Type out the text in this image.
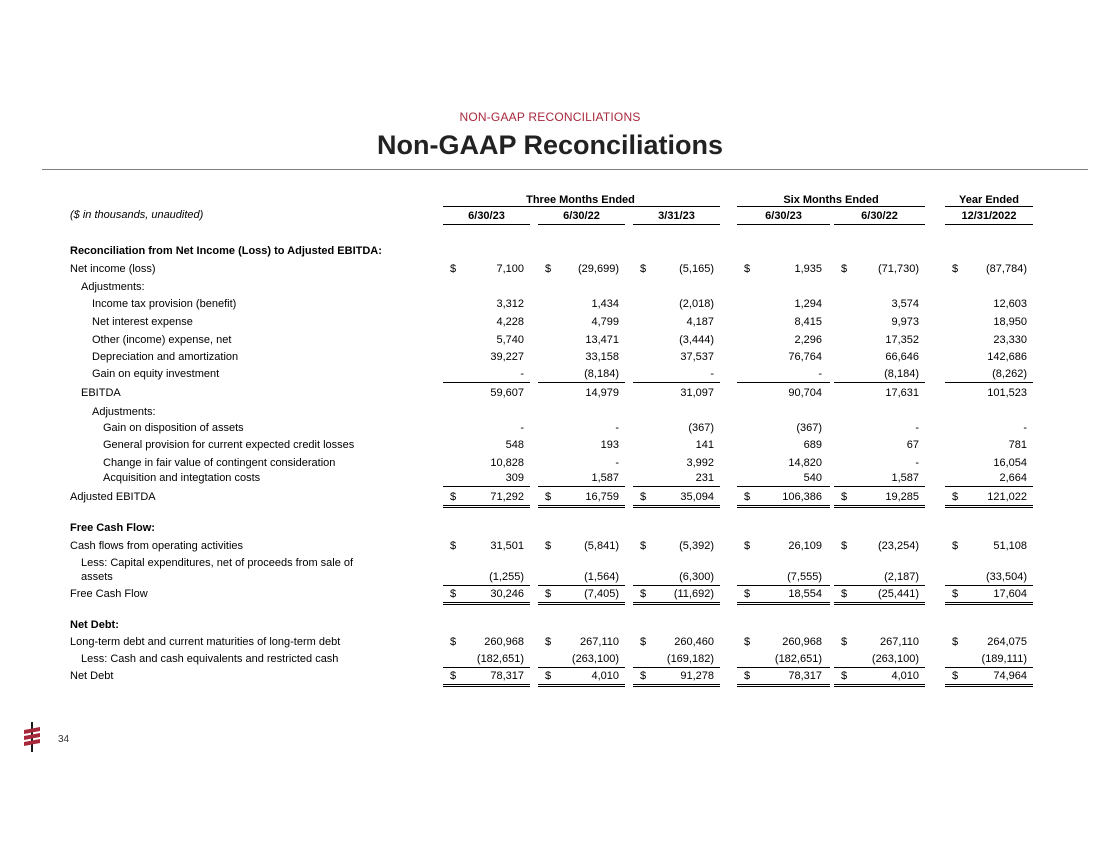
NON-GAAP RECONCILIATIONS
Non-GAAP Reconciliations
Three Months Ended	Six Months Ended	Year Ended
($ in thousands, unaudited)	6/30/23	6/30/22	3/31/23	6/30/23	6/30/22	12/31/2022
Reconciliation from Net Income (Loss) to Adjusted EBITDA:
Net income (loss)	$	7,100 $	(29,699) $	(5,165)	$	1,935 $	(71,730)	$	(87,784)
Adjustments:
Income tax provision (benefit)	3,312	1,434	(2,018)	1,294	3,574	12,603
Net interest expense	4,228	4,799	4,187	8,415	9,973	18,950
Other (income) expense, net	5,740	13,471	(3,444)	2,296	17,352	23,330
Depreciation and amortization	39,227	33,158	37,537	76,764	66,646	142,686
Gain on equity investment	-	(8,184)	-	-	(8,184)	(8,262)
EBITDA	59,607	14,979	31,097	90,704	17,631	101,523
Adjustments:
Gain on disposition of assets	-	-	(367)	(367)	-	-
General provision for current expected credit losses	548	193	141	689	67	781
Change in fair value of contingent consideration	10,828	-	3,992	14,820	-	16,054
Acquisition and integtation costs	309	1,587	231	540	1,587	2,664
Adjusted EBITDA	$	71,292 $	16,759 $	35,094	$	106,386 $	19,285	$	121,022
Free Cash Flow:
Cash flows from operating activities	$	31,501 $	(5,841) $	(5,392)	$	26,109 $	(23,254)	$	51,108
Less: Capital expenditures, net of proceeds from sale of
assets	(1,255)	(1,564)	(6,300)	(7,555)	(2,187)	(33,504)
Free Cash Flow	$	30,246 $	(7,405) $	(11,692)	$	18,554 $	(25,441)	$	17,604
Net Debt:
Long-term debt and current maturities of long-term debt	$	260,968 $	267,110 $	260,460	$	260,968 $	267,110	$	264,075
Less: Cash and cash equivalents and restricted cash	(182,651)	(263,100)	(169,182)	(182,651)	(263,100)	(189,111)
Net Debt	$	78,317 $	4,010 $	91,278	$	78,317 $	4,010	$	74,964
34
